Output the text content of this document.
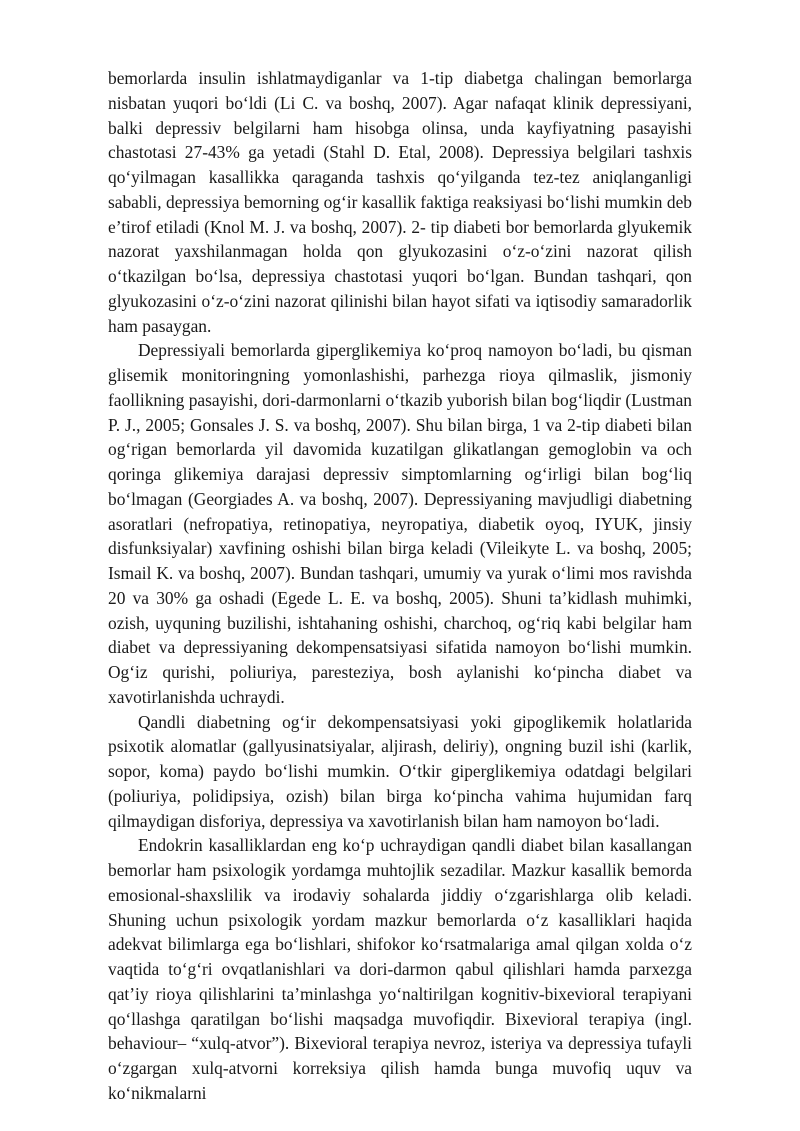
bemorlarda insulin ishlatmaydiganlar va 1-tip diabetga chalingan bemorlarga nisbatan yuqori bo‘ldi (Li C. va boshq, 2007). Agar nafaqat klinik depressiyani, balki depressiv belgilarni ham hisobga olinsa, unda kayfiyatning pasayishi chastotasi 27-43% ga yetadi (Stahl D. Etal, 2008). Depressiya belgilari tashxis qo‘yilmagan kasallikka qaraganda tashxis qo‘yilganda tez-tez aniqlanganligi sababli, depressiya bemorning og‘ir kasallik faktiga reaksiyasi bo‘lishi mumkin deb e’tirof etiladi (Knol M. J. va boshq, 2007). 2- tip diabeti bor bemorlarda glyukemik nazorat yaxshilanmagan holda qon glyukozasini o‘z-o‘zini nazorat qilish o‘tkazilgan bo‘lsa, depressiya chastotasi yuqori bo‘lgan. Bundan tashqari, qon glyukozasini o‘z-o‘zini nazorat qilinishi bilan hayot sifati va iqtisodiy samaradorlik ham pasaygan.

Depressiyali bemorlarda giperglikemiya ko‘proq namoyon bo‘ladi, bu qisman glisemik monitoringning yomonlashishi, parhezga rioya qilmaslik, jismoniy faollikning pasayishi, dori-darmonlarni o‘tkazib yuborish bilan bog‘liqdir (Lustman P. J., 2005; Gonsales J. S. va boshq, 2007). Shu bilan birga, 1 va 2-tip diabeti bilan og‘rigan bemorlarda yil davomida kuzatilgan glikatlangan gemoglobin va och qoringa glikemiya darajasi depressiv simptomlarning og‘irligi bilan bog‘liq bo‘lmagan (Georgiades A. va boshq, 2007). Depressiyaning mavjudligi diabetning asoratlari (nefropatiya, retinopatiya, neyropatiya, diabetik oyoq, IYUK, jinsiy disfunksiyalar) xavfining oshishi bilan birga keladi (Vileikyte L. va boshq, 2005; Ismail K. va boshq, 2007). Bundan tashqari, umumiy va yurak o‘limi mos ravishda 20 va 30% ga oshadi (Egede L. E. va boshq, 2005). Shuni ta’kidlash muhimki, ozish, uyquning buzilishi, ishtahaning oshishi, charchoq, og‘riq kabi belgilar ham diabet va depressiyaning dekompensatsiyasi sifatida namoyon bo‘lishi mumkin. Og‘iz qurishi, poliuriya, paresteziya, bosh aylanishi ko‘pincha diabet va xavotirlanishda uchraydi.

Qandli diabetning og‘ir dekompensatsiyasi yoki gipoglikemik holatlarida psixotik alomatlar (gallyusinatsiyalar, aljirash, deliriy), ongning buzil ishi (karlik, sopor, koma) paydo bo‘lishi mumkin. O‘tkir giperglikemiya odatdagi belgilari (poliuriya, polidipsiya, ozish) bilan birga ko‘pincha vahima hujumidan farq qilmaydigan disforiya, depressiya va xavotirlanish bilan ham namoyon bo‘ladi.

Endokrin kasalliklardan eng ko‘p uchraydigan qandli diabet bilan kasallangan bemorlar ham psixologik yordamga muhtojlik sezadilar. Mazkur kasallik bemorda emosional-shaxslilik va irodaviy sohalarda jiddiy o‘zgarishlarga olib keladi. Shuning uchun psixologik yordam mazkur bemorlarda o‘z kasalliklari haqida adekvat bilimlarga ega bo‘lishlari, shifokor ko‘rsatmalariga amal qilgan xolda o‘z vaqtida to‘g‘ri ovqatlanishlari va dori-darmon qabul qilishlari hamda parxezga qat’iy rioya qilishlarini ta’minlashga yo‘naltirilgan kognitiv-bixevioral terapiyani qo‘llashga qaratilgan bo‘lishi maqsadga muvofiqdir. Bixevioral terapiya (ingl. behaviour– “xulq-atvor”). Bixevioral terapiya nevroz, isteriya va depressiya tufayli o‘zgargan xulq-atvorni korreksiya qilish hamda bunga muvofiq uquv va ko‘nikmalarni
